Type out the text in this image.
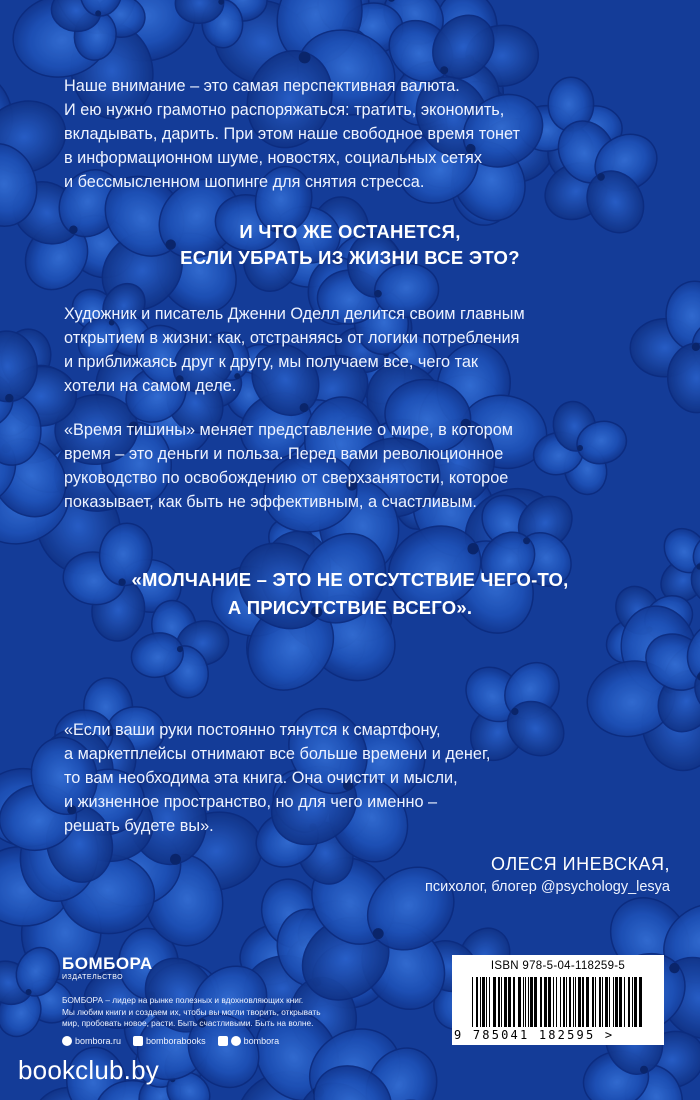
Наше внимание – это самая перспективная валюта.
И ею нужно грамотно распоряжаться: тратить, экономить,
вкладывать, дарить. При этом наше свободное время тонет
в информационном шуме, новостях, социальных сетях
и бессмысленном шопинге для снятия стресса.
И ЧТО ЖЕ ОСТАНЕТСЯ,
ЕСЛИ УБРАТЬ ИЗ ЖИЗНИ ВСЕ ЭТО?
Художник и писатель Дженни Оделл делится своим главным
открытием в жизни: как, отстраняясь от логики потребления
и приближаясь друг к другу, мы получаем все, чего так
хотели на самом деле.
«Время тишины» меняет представление о мире, в котором
время – это деньги и польза. Перед вами революционное
руководство по освобождению от сверхзанятости, которое
показывает, как быть не эффективным, а счастливым.
«МОЛЧАНИЕ – ЭТО НЕ ОТСУТСТВИЕ ЧЕГО-ТО,
А ПРИСУТСТВИЕ ВСЕГО».
«Если ваши руки постоянно тянутся к смартфону,
а маркетплейсы отнимают все больше времени и денег,
то вам необходима эта книга. Она очистит и мысли,
и жизненное пространство, но для чего именно –
решать будете вы».
ОЛЕСЯ ИНЕВСКАЯ,
психолог, блогер @psychology_lesya
БОМБОРА
ИЗДАТЕЛЬСТВО
БОМБОРА – лидер на рынке полезных и вдохновляющих книг.
Мы любим книги и создаем их, чтобы вы могли творить, открывать
мир, пробовать новое, расти. Быть счастливыми. Быть на волне.
bombora.ru	bomborabooks	bombora
ISBN 978-5-04-118259-5
9 785041 182595 >
bookclub.by
